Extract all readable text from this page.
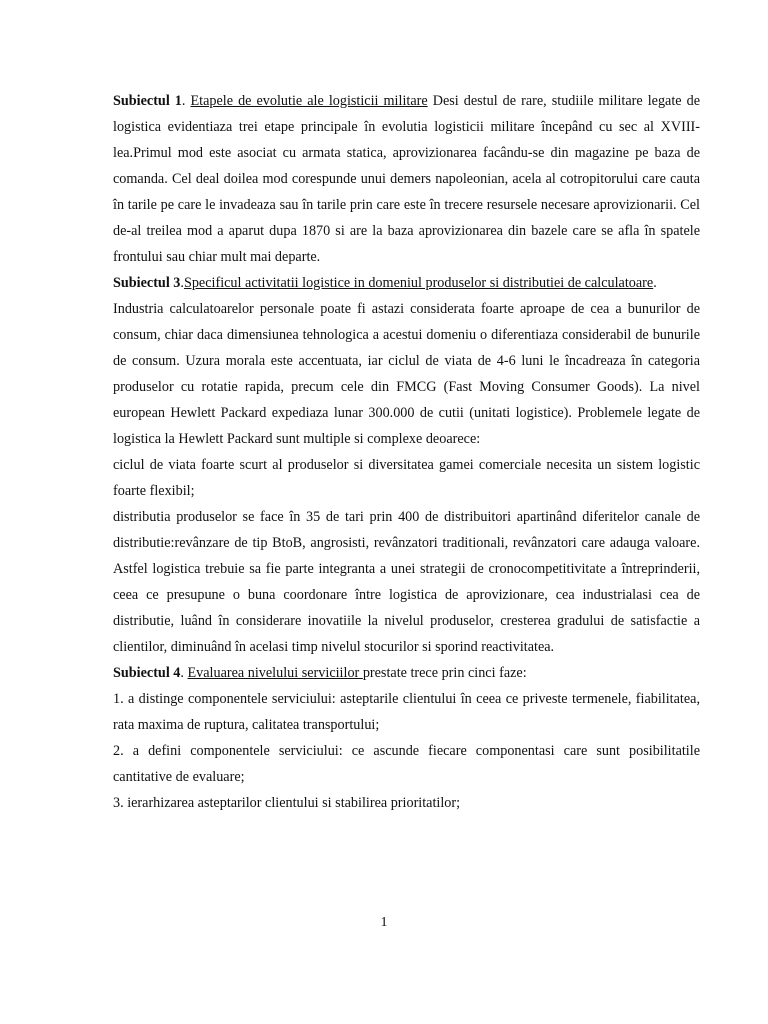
Subiectul 1. Etapele de evolutie ale logisticii militare Desi destul de rare, studiile militare legate de logistica evidentiaza trei etape principale în evolutia logisticii militare începând cu sec al XVIII-lea.Primul mod este asociat cu armata statica, aprovizionarea facându-se din magazine pe baza de comanda. Cel deal doilea mod corespunde unui demers napoleonian, acela al cotropitorului care cauta în tarile pe care le invadeaza sau în tarile prin care este în trecere resursele necesare aprovizionarii. Cel de-al treilea mod a aparut dupa 1870 si are la baza aprovizionarea din bazele care se afla în spatele frontului sau chiar mult mai departe.

Subiectul 3.Specificul activitatii logistice in domeniul produselor si distributiei de calculatoare.

Industria calculatoarelor personale poate fi astazi considerata foarte aproape de cea a bunurilor de consum, chiar daca dimensiunea tehnologica a acestui domeniu o diferentiaza considerabil de bunurile de consum. Uzura morala este accentuata, iar ciclul de viata de 4-6 luni le încadreaza în categoria produselor cu rotatie rapida, precum cele din FMCG (Fast Moving Consumer Goods). La nivel european Hewlett Packard expediaza lunar 300.000 de cutii (unitati logistice). Problemele legate de logistica la Hewlett Packard sunt multiple si complexe deoarece:

ciclul de viata foarte scurt al produselor si diversitatea gamei comerciale necesita un sistem logistic foarte flexibil;

distributia produselor se face în 35 de tari prin 400 de distribuitori apartinând diferitelor canale de distributie:revânzare de tip BtoB, angrosisti, revânzatori traditionali, revânzatori care adauga valoare. Astfel logistica trebuie sa fie parte integranta a unei strategii de cronocompetitivitate a întreprinderii, ceea ce presupune o buna coordonare între logistica de aprovizionare, cea industrialasi cea de distributie, luând în considerare inovatiile la nivelul produselor, cresterea gradului de satisfactie a clientilor, diminuând în acelasi timp nivelul stocurilor si sporind reactivitatea.

Subiectul 4. Evaluarea nivelului serviciilor prestate trece prin cinci faze:

1. a distinge componentele serviciului: asteptarile clientului în ceea ce priveste termenele, fiabilitatea, rata maxima de ruptura, calitatea transportului;

2. a defini componentele serviciului: ce ascunde fiecare componentasi care sunt posibilitatile cantitative de evaluare;

3. ierarhizarea asteptarilor clientului si stabilirea prioritatilor;

1
